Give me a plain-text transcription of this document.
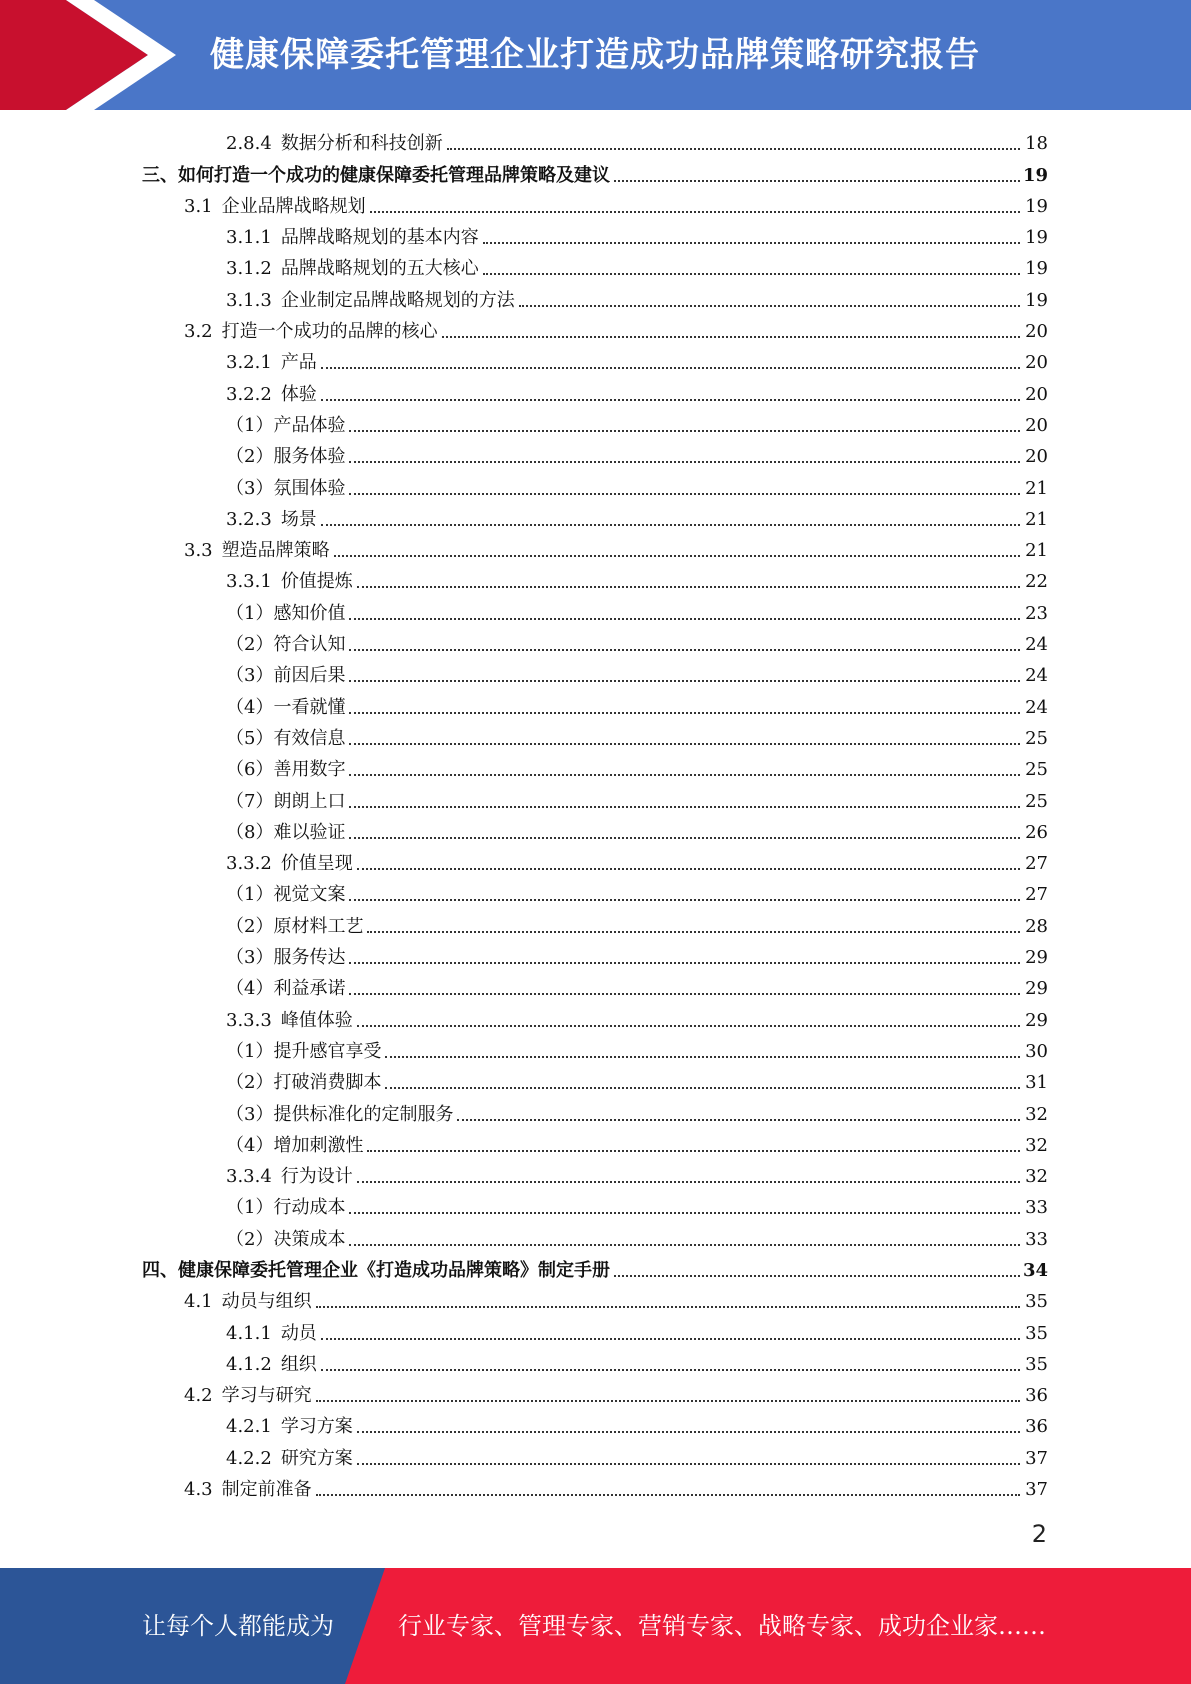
健康保障委托管理企业打造成功品牌策略研究报告
2.8.4 数据分析和科技创新	18
三、如何打造一个成功的健康保障委托管理品牌策略及建议	19
3.1 企业品牌战略规划	19
3.1.1 品牌战略规划的基本内容	19
3.1.2 品牌战略规划的五大核心	19
3.1.3 企业制定品牌战略规划的方法	19
3.2 打造一个成功的品牌的核心	20
3.2.1 产品	20
3.2.2 体验	20
（1） 产品体验	20
（2） 服务体验	20
（3） 氛围体验	21
3.2.3 场景	21
3.3 塑造品牌策略	21
3.3.1 价值提炼	22
（1） 感知价值	23
（2） 符合认知	24
（3） 前因后果	24
（4） 一看就懂	24
（5） 有效信息	25
（6） 善用数字	25
（7） 朗朗上口	25
（8） 难以验证	26
3.3.2 价值呈现	27
（1） 视觉文案	27
（2） 原材料工艺	28
（3） 服务传达	29
（4） 利益承诺	29
3.3.3 峰值体验	29
（1） 提升感官享受	30
（2） 打破消费脚本	31
（3） 提供标准化的定制服务	32
（4） 增加刺激性	32
3.3.4 行为设计	32
（1） 行动成本	33
（2） 决策成本	33
四、健康保障委托管理企业《打造成功品牌策略》制定手册	34
4.1 动员与组织	35
4.1.1 动员	35
4.1.2 组织	35
4.2 学习与研究	36
4.2.1 学习方案	36
4.2.2 研究方案	37
4.3 制定前准备	37
2
让每个人都能成为	行业专家、管理专家、营销专家、战略专家、成功企业家……
